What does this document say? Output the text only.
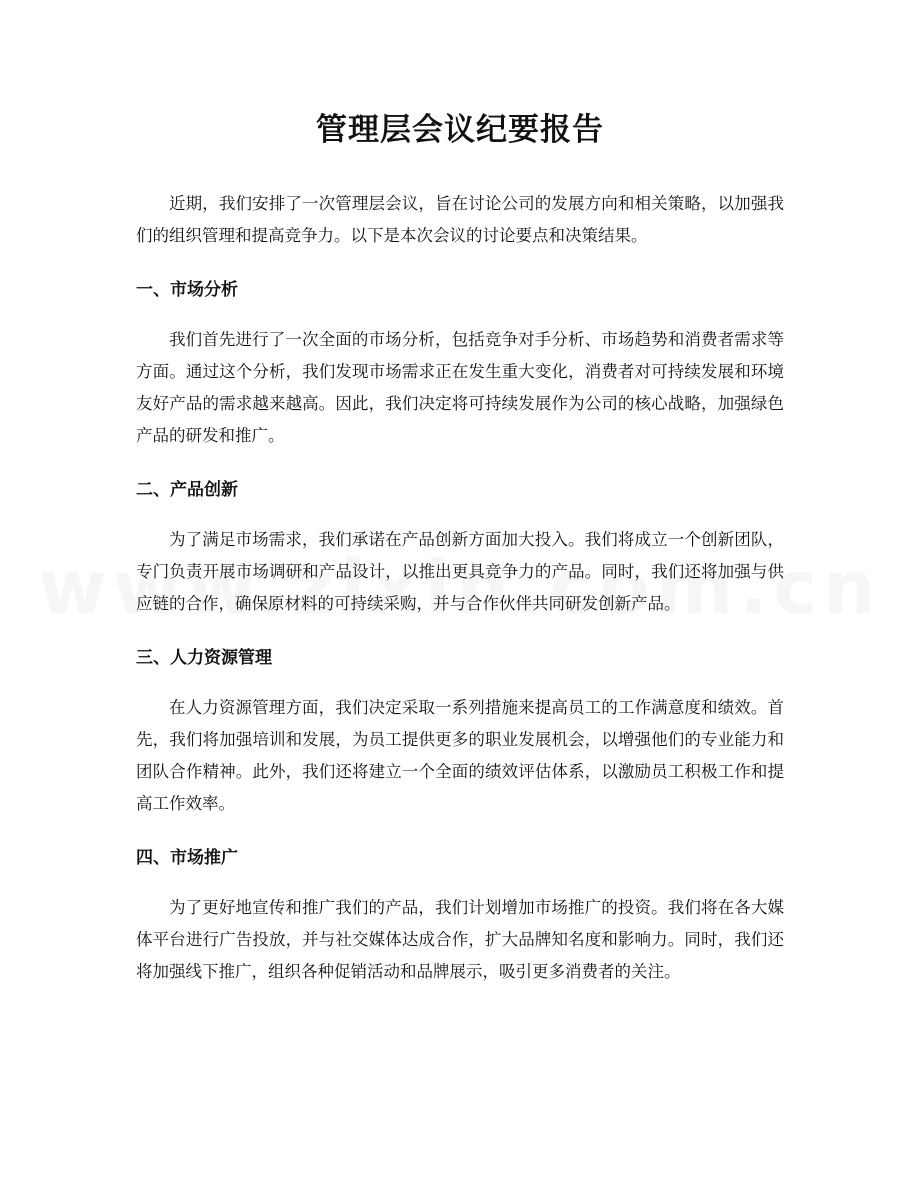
管理层会议纪要报告

近期，我们安排了一次管理层会议，旨在讨论公司的发展方向和相关策略，以加强我们的组织管理和提高竞争力。以下是本次会议的讨论要点和决策结果。

一、市场分析

我们首先进行了一次全面的市场分析，包括竞争对手分析、市场趋势和消费者需求等方面。通过这个分析，我们发现市场需求正在发生重大变化，消费者对可持续发展和环境友好产品的需求越来越高。因此，我们决定将可持续发展作为公司的核心战略，加强绿色产品的研发和推广。

二、产品创新

为了满足市场需求，我们承诺在产品创新方面加大投入。我们将成立一个创新团队，专门负责开展市场调研和产品设计，以推出更具竞争力的产品。同时，我们还将加强与供应链的合作，确保原材料的可持续采购，并与合作伙伴共同研发创新产品。

三、人力资源管理

在人力资源管理方面，我们决定采取一系列措施来提高员工的工作满意度和绩效。首先，我们将加强培训和发展，为员工提供更多的职业发展机会，以增强他们的专业能力和团队合作精神。此外，我们还将建立一个全面的绩效评估体系，以激励员工积极工作和提高工作效率。

四、市场推广

为了更好地宣传和推广我们的产品，我们计划增加市场推广的投资。我们将在各大媒体平台进行广告投放，并与社交媒体达成合作，扩大品牌知名度和影响力。同时，我们还将加强线下推广，组织各种促销活动和品牌展示，吸引更多消费者的关注。
